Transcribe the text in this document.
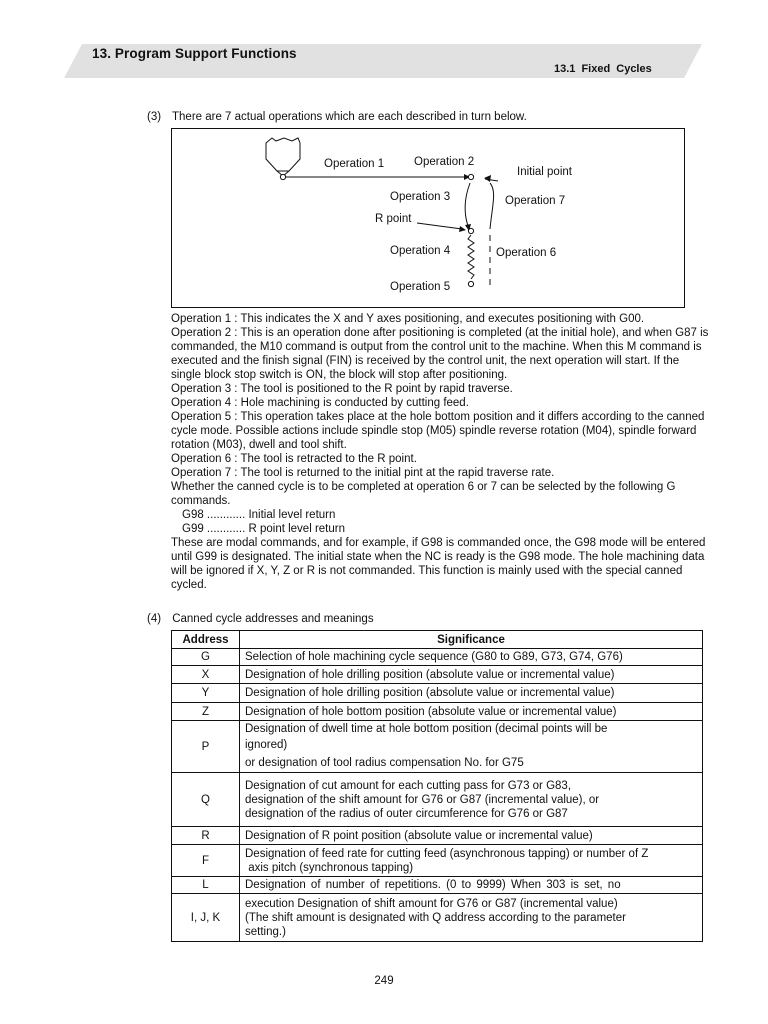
13. Program Support Functions
13.1 Fixed Cycles
(3) There are 7 actual operations which are each described in turn below.
Operation 1	Operation 2
Initial point
Operation 3	Operation 7
R point
Operation 4	Operation 6
Operation 5

Operation 1 : This indicates the X and Y axes positioning, and executes positioning with G00.

Operation 2 : This is an operation done after positioning is completed (at the initial hole), and when G87 is commanded, the M10 command is output from the control unit to the machine. When this M command is executed and the finish signal (FIN) is received by the control unit, the next operation will start. If the single block stop switch is ON, the block will stop after positioning.

Operation 3 : The tool is positioned to the R point by rapid traverse.

Operation 4 : Hole machining is conducted by cutting feed.

Operation 5 : This operation takes place at the hole bottom position and it differs according to the canned cycle mode. Possible actions include spindle stop (M05) spindle reverse rotation (M04), spindle forward rotation (M03), dwell and tool shift.

Operation 6 : The tool is retracted to the R point.

Operation 7 : The tool is returned to the initial pint at the rapid traverse rate.

Whether the canned cycle is to be completed at operation 6 or 7 can be selected by the following G commands.

G98 ............ Initial level return

G99 ............ R point level return

These are modal commands, and for example, if G98 is commanded once, the G98 mode will be entered until G99 is designated. The initial state when the NC is ready is the G98 mode. The hole machining data will be ignored if X, Y, Z or R is not commanded. This function is mainly used with the special canned cycled.

(4) Canned cycle addresses and meanings
Address	Significance
G	Selection of hole machining cycle sequence (G80 to G89, G73, G74, G76)

X	Designation of hole drilling position (absolute value or incremental value)

Y	Designation of hole drilling position (absolute value or incremental value)

Z	Designation of hole bottom position (absolute value or incremental value)

P	Designation of dwell time at hole bottom position (decimal points will be
ignored)
or designation of tool radius compensation No. for G75

Q	Designation of cut amount for each cutting pass for G73 or G83,
designation of the shift amount for G76 or G87 (incremental value), or
designation of the radius of outer circumference for G76 or G87

R	Designation of R point position (absolute value or incremental value)

F	Designation of feed rate for cutting feed (asynchronous tapping) or number of Z
axis pitch (synchronous tapping)

L	Designation of number of repetitions. (0 to 9999) When 303 is set, no

I, J, K	execution Designation of shift amount for G76 or G87 (incremental value)
(The shift amount is designated with Q address according to the parameter
setting.)
249
